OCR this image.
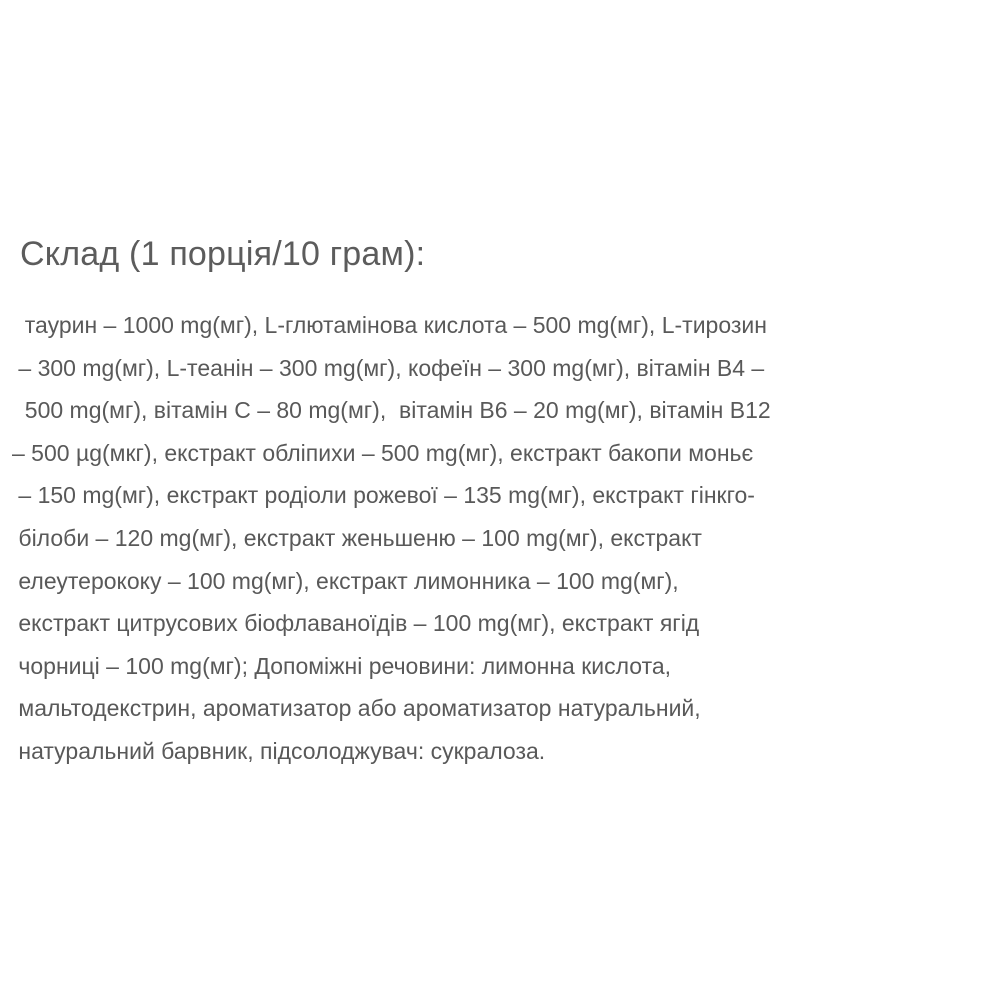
Склад (1 порція/10 грам):
таурин – 1000 mg(мг), L-глютамінова кислота – 500 mg(мг), L-тирозин
– 300 mg(мг), L-теанін – 300 mg(мг), кофеїн – 300 mg(мг), вітамін В4 –
500 mg(мг), вітамін С – 80 mg(мг),  вітамін В6 – 20 mg(мг), вітамін В12
– 500 µg(мкг), екстракт обліпихи – 500 mg(мг), екстракт бакопи моньє
– 150 mg(мг), екстракт родіоли рожевої – 135 mg(мг), екстракт гінкго-
білоби – 120 mg(мг), екстракт женьшеню – 100 mg(мг), екстракт
елеутерококу – 100 mg(мг), екстракт лимонника – 100 mg(мг),
екстракт цитрусових біофлаваноїдів – 100 mg(мг), екстракт ягід
чорниці – 100 mg(мг); Допоміжні речовини: лимонна кислота,
мальтодекстрин, ароматизатор або ароматизатор натуральний,
натуральний барвник, підсолоджувач: сукралоза.
